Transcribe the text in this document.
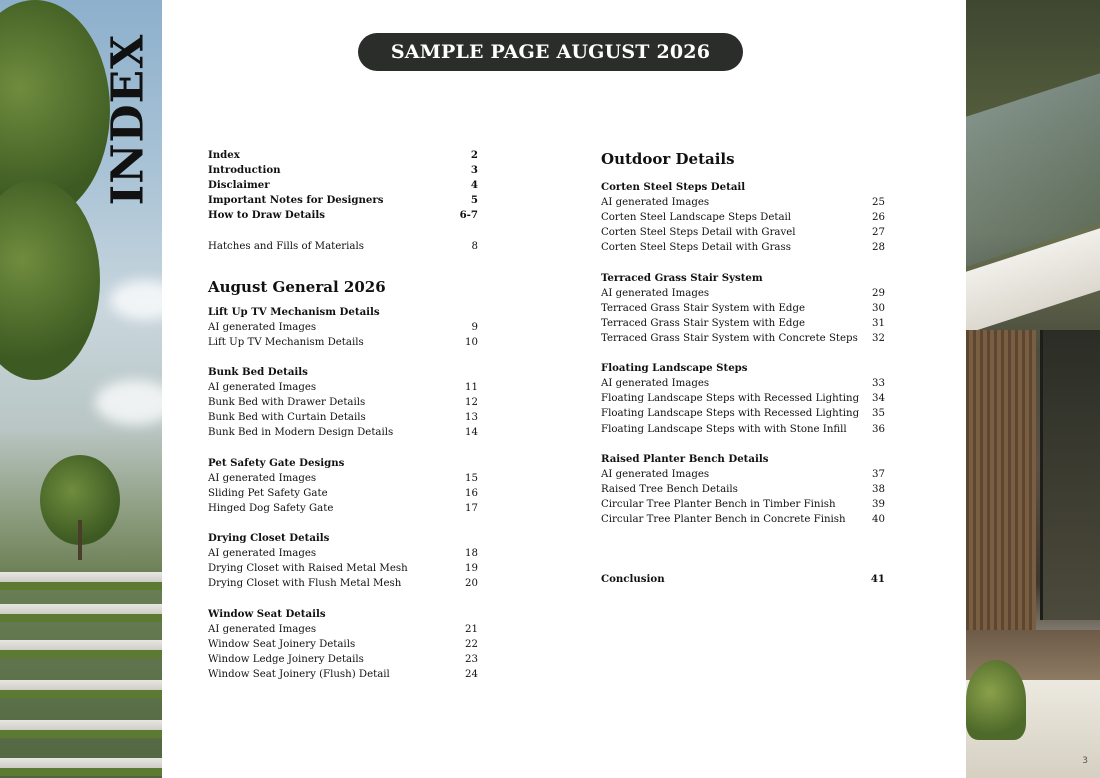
INDEX
3
SAMPLE PAGE AUGUST 2026
Index	2
Introduction	3
Disclaimer	4
Important Notes for Designers	5
How to Draw Details	6-7
Hatches and Fills of Materials	8
August General 2026
Lift Up TV Mechanism Details
AI generated Images	9
Lift Up TV Mechanism Details	10
Bunk Bed Details
AI generated Images	11
Bunk Bed with Drawer Details	12
Bunk Bed with Curtain Details	13
Bunk Bed in Modern Design Details	14
Pet Safety Gate Designs
AI generated Images	15
Sliding Pet Safety Gate	16
Hinged Dog Safety Gate	17
Drying Closet Details
AI generated Images	18
Drying Closet with Raised Metal Mesh	19
Drying Closet with Flush Metal Mesh	20
Window Seat Details
AI generated Images	21
Window Seat Joinery Details	22
Window Ledge Joinery Details	23
Window Seat Joinery (Flush) Detail	24
Outdoor Details
Corten Steel Steps Detail
AI generated Images	25
Corten Steel Landscape Steps Detail	26
Corten Steel Steps Detail with Gravel	27
Corten Steel Steps Detail with Grass	28
Terraced Grass Stair System
AI generated Images	29
Terraced Grass Stair System with Edge	30
Terraced Grass Stair System with Edge	31
Terraced Grass Stair System with Concrete Steps 32
Floating Landscape Steps
AI generated Images	33
Floating Landscape Steps with Recessed Lighting 34
Floating Landscape Steps with Recessed Lighting 35
Floating Landscape Steps with with Stone Infill 36
Raised Planter Bench Details
AI generated Images	37
Raised Tree Bench Details	38
Circular Tree Planter Bench in Timber Finish	39
Circular Tree Planter Bench in Concrete Finish	40
Conclusion	41
